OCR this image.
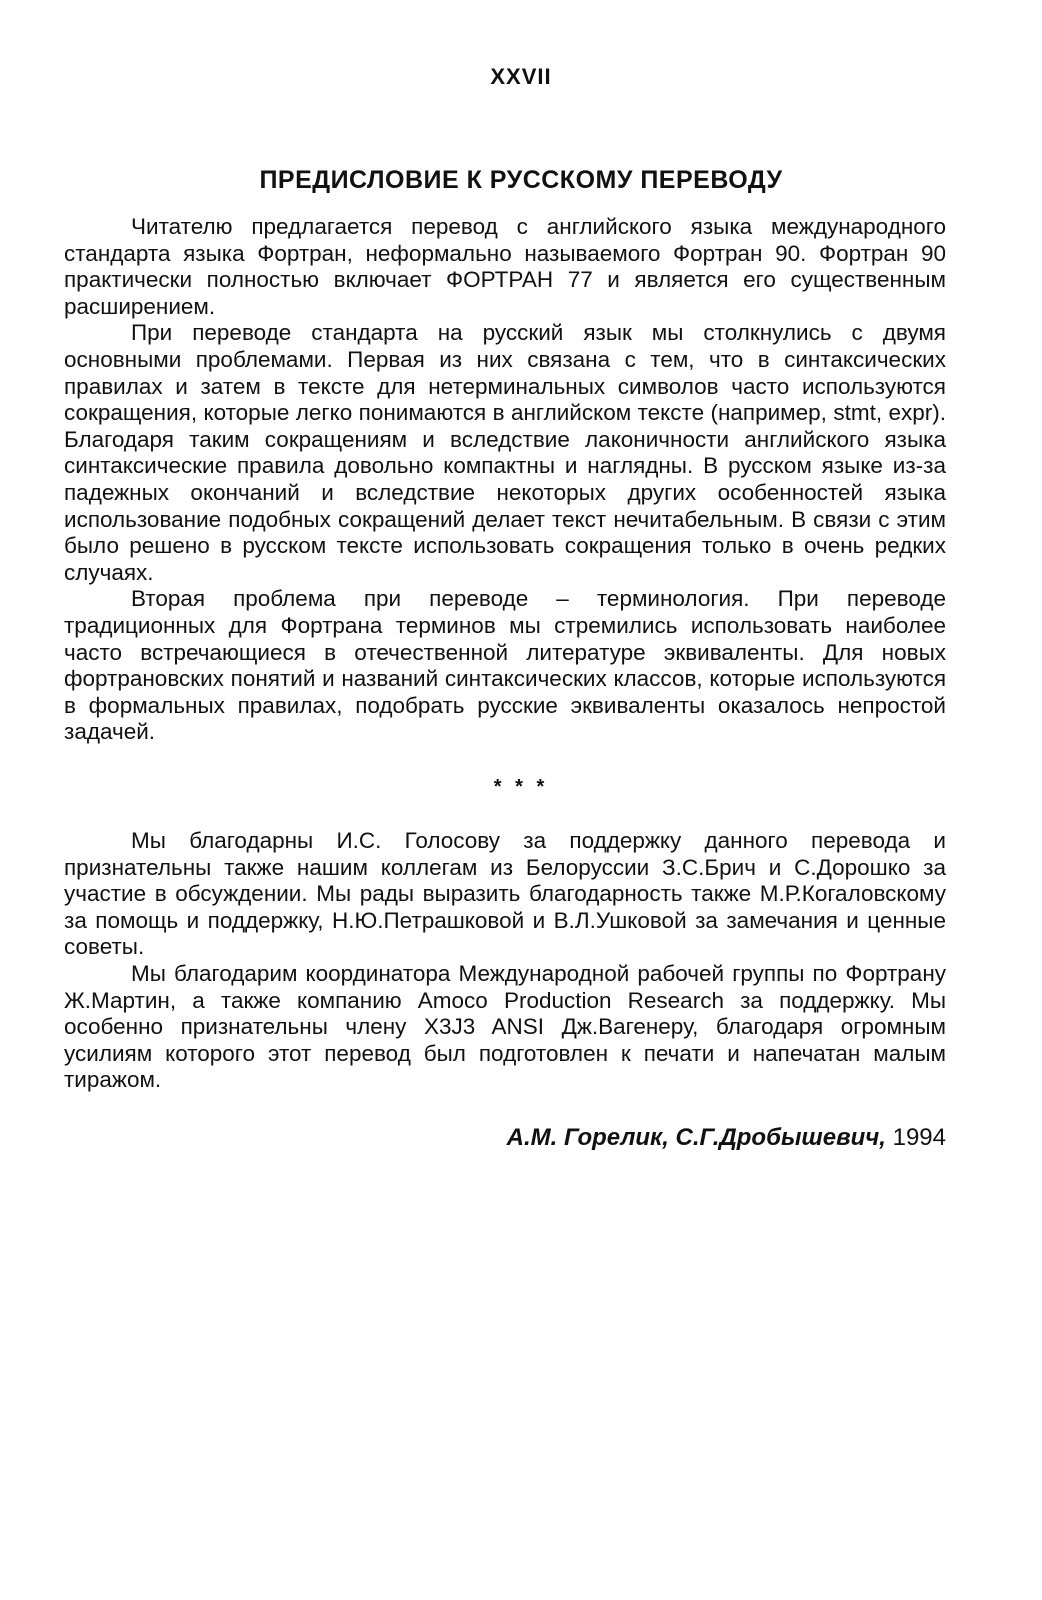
XXVII
ПРЕДИСЛОВИЕ К РУССКОМУ ПЕРЕВОДУ

Читателю предлагается перевод с английского языка международного стандарта языка Фортран, неформально называемого Фортран 90. Фортран 90 практически полностью включает ФОРТРАН 77 и является его существенным расширением.

При переводе стандарта на русский язык мы столкнулись с двумя основными проблемами. Первая из них связана с тем, что в синтаксических правилах и затем в тексте для нетерминальных символов часто используются сокращения, которые легко понимаются в английском тексте (например, stmt, expr). Благодаря таким сокращениям и вследствие лаконичности английского языка синтаксические правила довольно компактны и наглядны. В русском языке из-за падежных окончаний и вследствие некоторых других особенностей языка использование подобных сокращений делает текст нечитабельным. В связи с этим было решено в русском тексте использовать сокращения только в очень редких случаях.

Вторая проблема при переводе – терминология. При переводе традиционных для Фортрана терминов мы стремились использовать наиболее часто встречающиеся в отечественной литературе эквиваленты. Для новых фортрановских понятий и названий синтаксических классов, которые используются в формальных правилах, подобрать русские эквиваленты оказалось непростой задачей.

* * *

Мы благодарны И.С. Голосову за поддержку данного перевода и признательны также нашим коллегам из Белоруссии З.С.Брич и С.Дорошко за участие в обсуждении. Мы рады выразить благодарность также М.Р.Когаловскому за помощь и поддержку, Н.Ю.Петрашковой и В.Л.Ушковой за замечания и ценные советы.

Мы благодарим координатора Международной рабочей группы по Фортрану Ж.Мартин, а также компанию Amoco Production Research за поддержку. Мы особенно признательны члену X3J3 ANSI Дж.Вагенеру, благодаря огромным усилиям которого этот перевод был подготовлен к печати и напечатан малым тиражом.

А.М. Горелик, С.Г.Дробышевич, 1994
